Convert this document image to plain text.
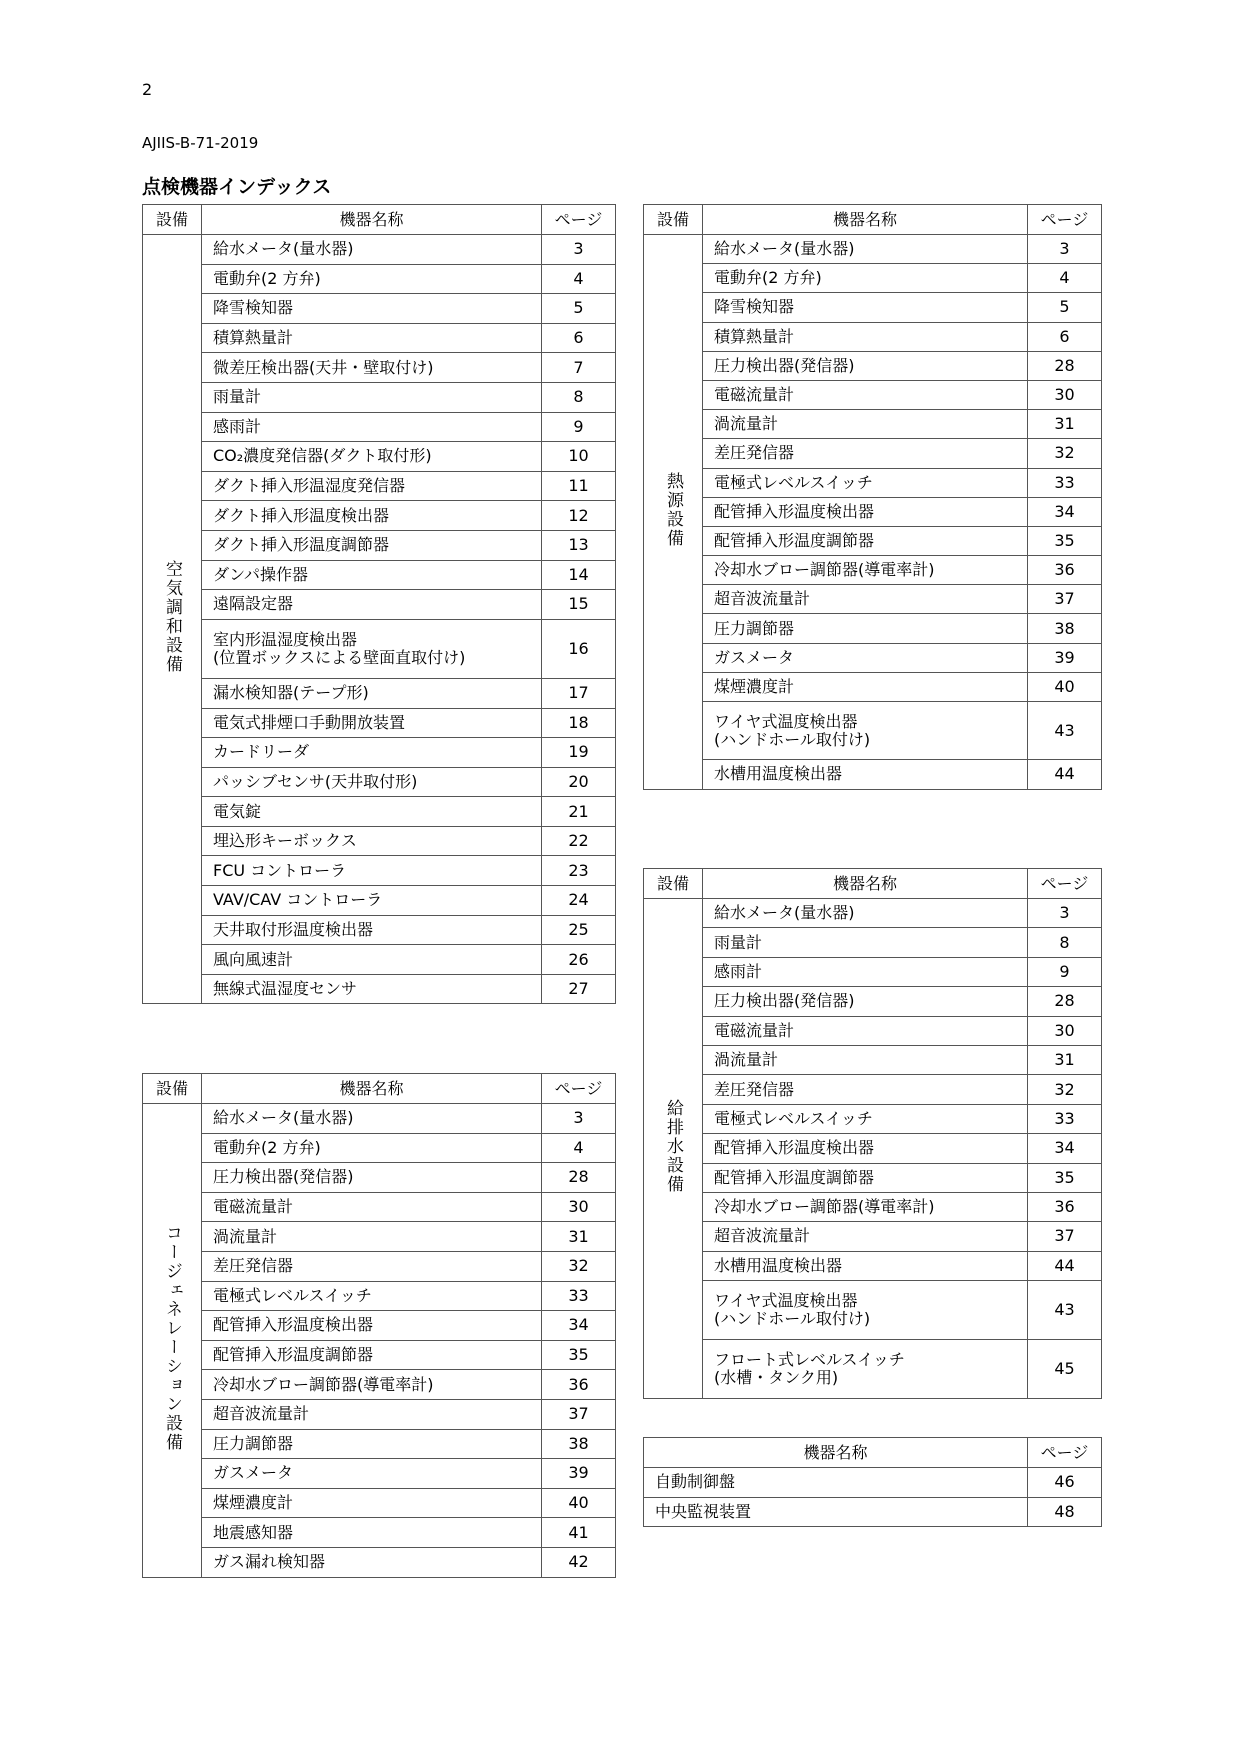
2
AJIIS-B-71-2019
点検機器インデックス
設備	機器名称	ページ
空気調和設備	給水メータ(量水器)	3

	電動弁(2 方弁)	4

	降雪検知器	5

	積算熱量計	6

	微差圧検出器(天井・壁取付け)	7

	雨量計	8

	感雨計	9

	CO₂濃度発信器(ダクト取付形)	10

	ダクト挿入形温湿度発信器	11

	ダクト挿入形温度検出器	12

	ダクト挿入形温度調節器	13

	ダンパ操作器	14

	遠隔設定器	15

	室内形温湿度検出器
(位置ボックスによる壁面直取付け)	16

	漏水検知器(テープ形)	17

	電気式排煙口手動開放装置	18

	カードリーダ	19

	パッシブセンサ(天井取付形)	20

	電気錠	21

	埋込形キーボックス	22

	FCU コントローラ	23

	VAV/CAV コントローラ	24

	天井取付形温度検出器	25

	風向風速計	26

	無線式温湿度センサ	27
設備	機器名称	ページ
コージェネレーション設備	給水メータ(量水器)	3

	電動弁(2 方弁)	4

	圧力検出器(発信器)	28

	電磁流量計	30

	渦流量計	31

	差圧発信器	32

	電極式レベルスイッチ	33

	配管挿入形温度検出器	34

	配管挿入形温度調節器	35

	冷却水ブロー調節器(導電率計)	36

	超音波流量計	37

	圧力調節器	38

	ガスメータ	39

	煤煙濃度計	40

	地震感知器	41

	ガス漏れ検知器	42
設備	機器名称	ページ
熱源設備	給水メータ(量水器)	3

	電動弁(2 方弁)	4

	降雪検知器	5

	積算熱量計	6

	圧力検出器(発信器)	28

	電磁流量計	30

	渦流量計	31

	差圧発信器	32

	電極式レベルスイッチ	33

	配管挿入形温度検出器	34

	配管挿入形温度調節器	35

	冷却水ブロー調節器(導電率計)	36

	超音波流量計	37

	圧力調節器	38

	ガスメータ	39

	煤煙濃度計	40

	ワイヤ式温度検出器
(ハンドホール取付け)	43

	水槽用温度検出器	44
設備	機器名称	ページ
給排水設備	給水メータ(量水器)	3

	雨量計	8

	感雨計	9

	圧力検出器(発信器)	28

	電磁流量計	30

	渦流量計	31

	差圧発信器	32

	電極式レベルスイッチ	33

	配管挿入形温度検出器	34

	配管挿入形温度調節器	35

	冷却水ブロー調節器(導電率計)	36

	超音波流量計	37

	水槽用温度検出器	44

	ワイヤ式温度検出器
(ハンドホール取付け)	43

	フロート式レベルスイッチ
(水槽・タンク用)	45
機器名称	ページ

自動制御盤	46

中央監視装置	48
